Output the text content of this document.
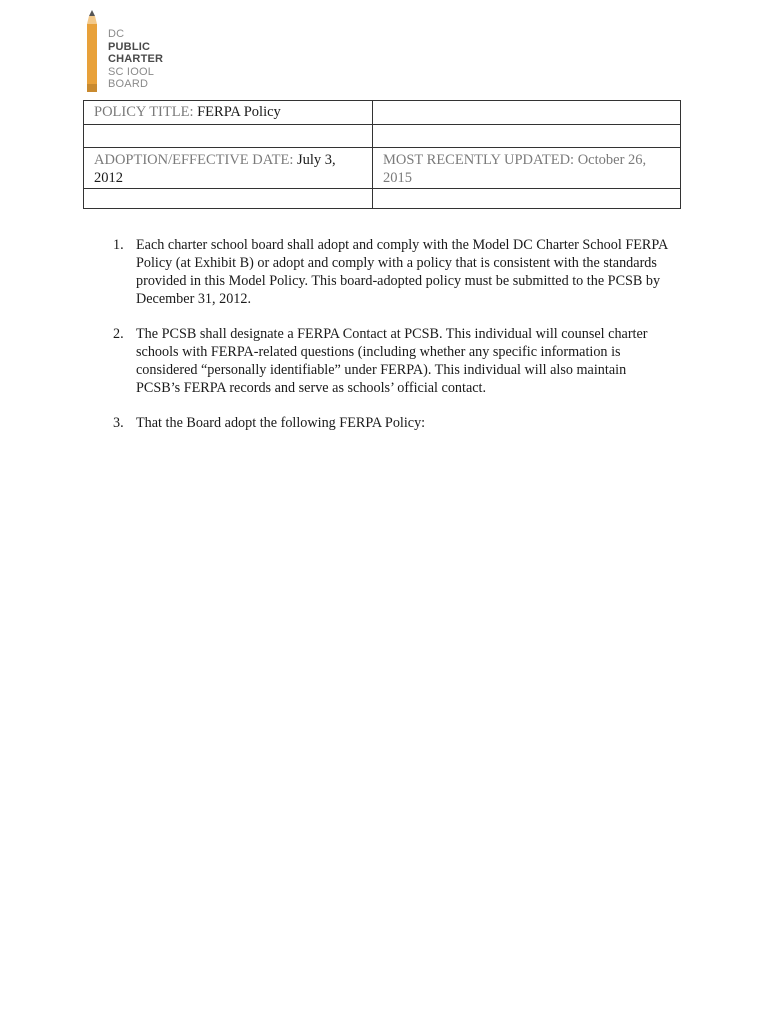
DC
PUBLIC
CHARTER
SC IOOL
BOARD
POLICY TITLE: FERPA Policy	

ADOPTION/EFFECTIVE DATE: July 3, 2012	MOST RECENTLY UPDATED: October 26, 2015

1. Each charter school board shall adopt and comply with the Model DC Charter School FERPA Policy (at Exhibit B) or adopt and comply with a policy that is consistent with the standards provided in this Model Policy. This board-adopted policy must be submitted to the PCSB by December 31, 2012.
2. The PCSB shall designate a FERPA Contact at PCSB. This individual will counsel charter schools with FERPA-related questions (including whether any specific information is considered “personally identifiable” under FERPA). This individual will also maintain PCSB’s FERPA records and serve as schools’ official contact.
3. That the Board adopt the following FERPA Policy:
